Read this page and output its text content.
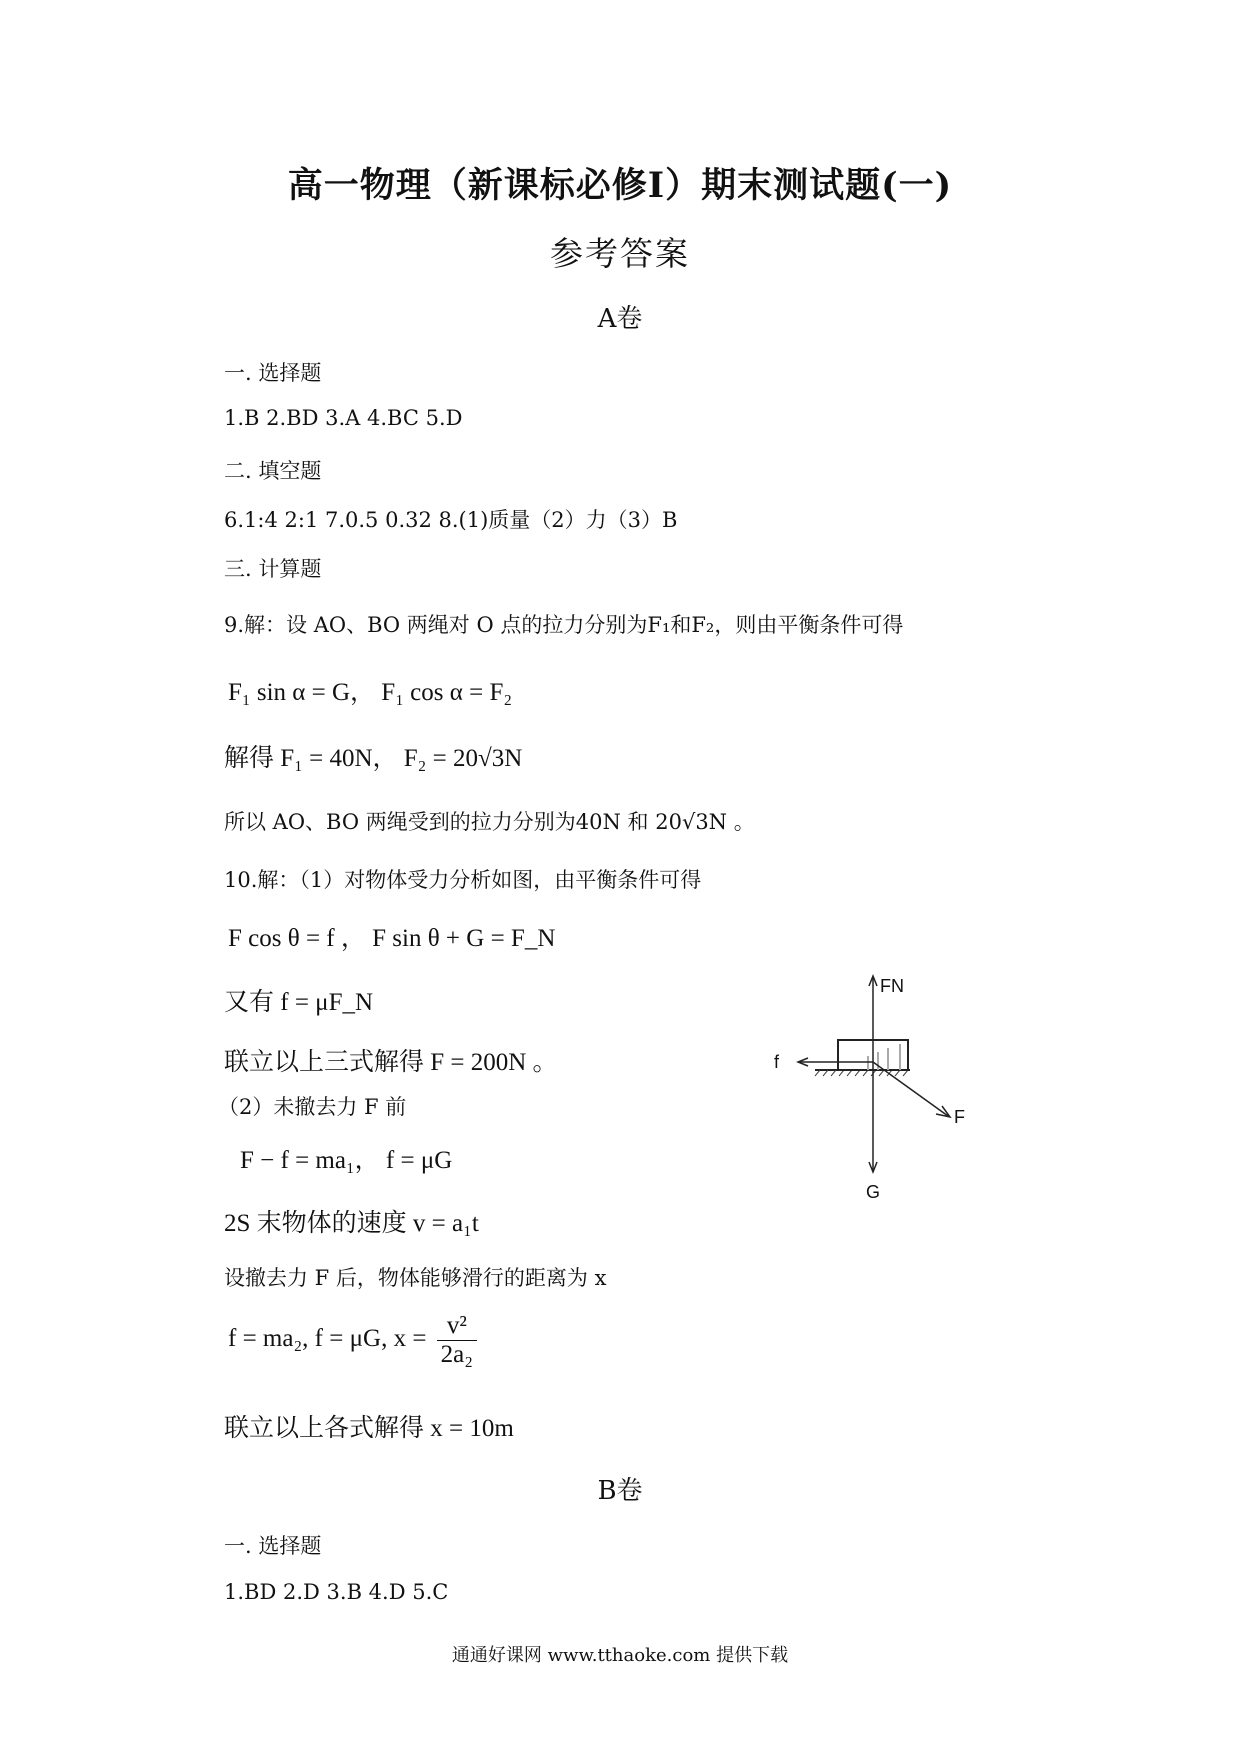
高一物理（新课标必修Ⅰ）期末测试题(一)
参考答案
A卷
一. 选择题
1.B 2.BD 3.A 4.BC 5.D
二. 填空题
6.1:4 2:1 7.0.5 0.32 8.(1)质量（2）力（3）B
三. 计算题
9.解：设 AO、BO 两绳对 O 点的拉力分别为F₁和F₂，则由平衡条件可得
F₁ sin α = G， F₁ cos α = F₂
解得 F₁ = 40N， F₂ = 20√3N
所以 AO、BO 两绳受到的拉力分别为40N 和 20√3N 。
10.解：（1）对物体受力分析如图，由平衡条件可得
F cos θ = f ， F sin θ + G = F_N
又有 f = μF_N
联立以上三式解得 F = 200N 。
（2）未撤去力 F 前
F − f = ma₁， f = μG
2S 末物体的速度 v = a₁t
设撤去力 F 后，物体能够滑行的距离为 x
f = ma₂, f = μG, $x = \frac{\text{v²}}{\text{2a₂}}$
联立以上各式解得 x = 10m
B卷
一. 选择题
1.BD 2.D 3.B 4.D 5.C
通通好课网 www.tthaoke.com 提供下载
FN
f
F
G
